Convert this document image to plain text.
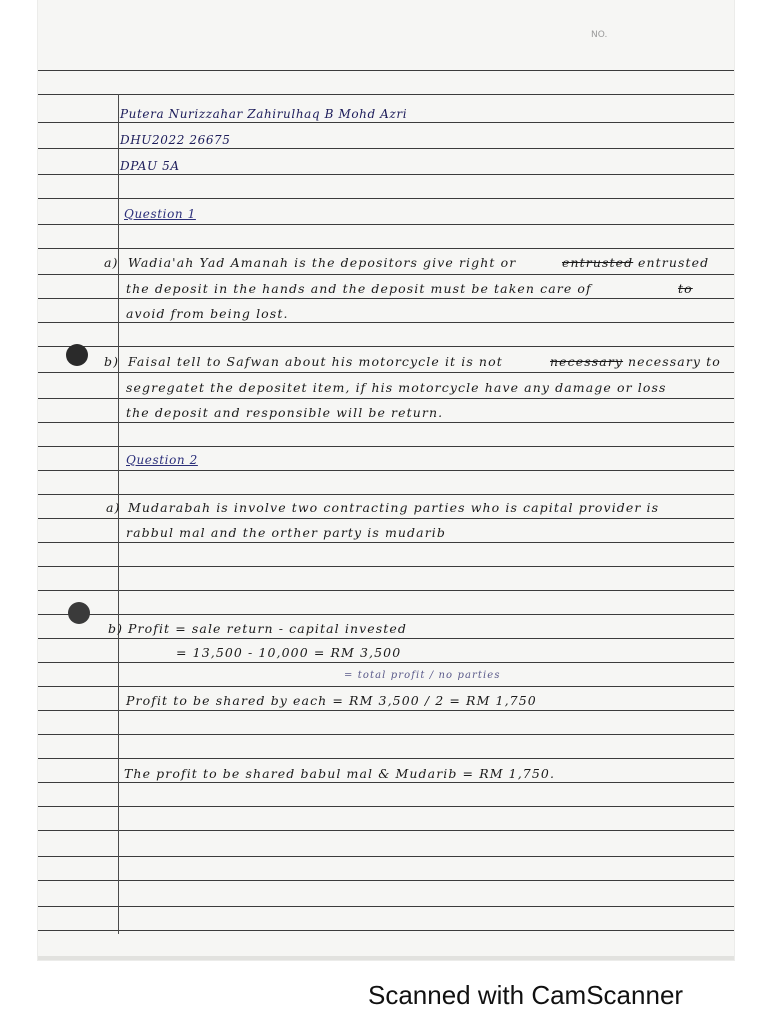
NO.
Putera Nurizzahar Zahirulhaq B Mohd Azri
DHU2022 26675
DPAU 5A
Question 1
a) Wadia'ah Yad Amanah is the depositors give right or	entrusted entrusted
the deposit in the hands and the deposit must be taken care of	to
avoid from being lost.
b) Faisal tell to Safwan about his motorcycle it is not	necessary necessary to
segregatet the depositet item, if his motorcycle have any damage or loss
the deposit and responsible will be return.
Question 2
a) Mudarabah is involve two contracting parties who is capital provider is
rabbul mal and the orther party is mudarib
b) Profit = sale return - capital invested
= 13,500 - 10,000 = RM 3,500
= total profit / no parties
Profit to be shared by each = RM 3,500 / 2 = RM 1,750
The profit to be shared babul mal & Mudarib = RM 1,750.
Scanned with CamScanner
